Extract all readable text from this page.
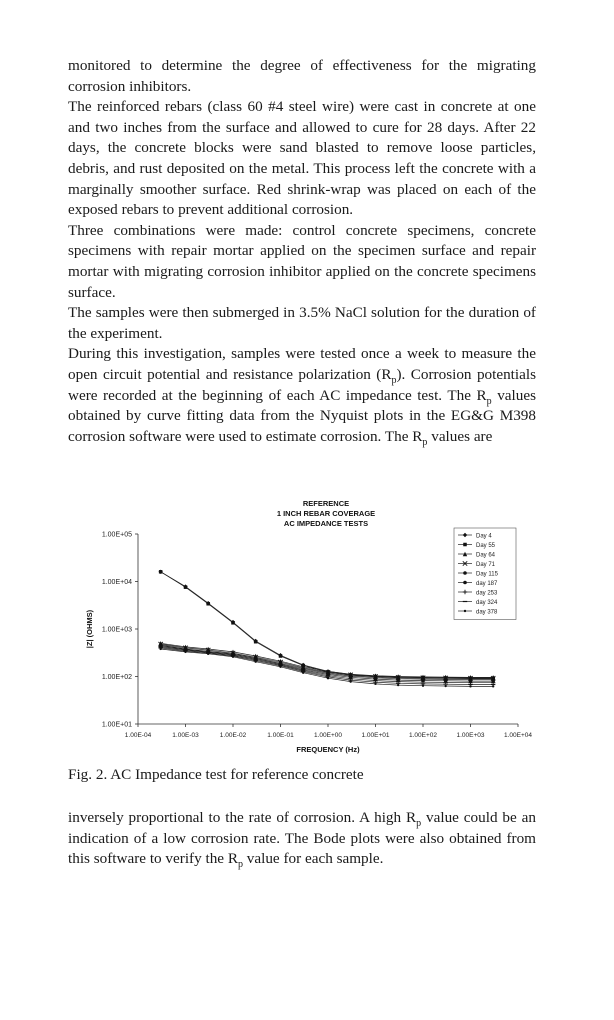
monitored to determine the degree of effectiveness for the migrating corrosion inhibitors.

The reinforced rebars (class 60 #4 steel wire) were cast in concrete at one and two inches from the surface and allowed to cure for 28 days. After 22 days, the concrete blocks were sand blasted to remove loose particles, debris, and rust deposited on the metal. This process left the concrete with a marginally smoother surface. Red shrink-wrap was placed on each of the exposed rebars to prevent additional corrosion.

Three combinations were made: control concrete specimens, concrete specimens with repair mortar applied on the specimen surface and repair mortar with migrating corrosion inhibitor applied on the concrete specimens surface.

The samples were then submerged in 3.5% NaCl solution for the duration of the experiment.

During this investigation, samples were tested once a week to measure the open circuit potential and resistance polarization $(R_p)$. Corrosion potentials were recorded at the beginning of each AC impedance test. The $R_p$ values obtained by curve fitting data from the Nyquist plots in the EG&G M398 corrosion software were used to estimate corrosion. The $R_p$ values are

REFERENCE
1 INCH REBAR COVERAGE
AC IMPEDANCE TESTS
1.00E+01
1.00E+02
1.00E+03
1.00E+04
1.00E+05
1.00E-04	1.00E-03	1.00E-02	1.00E-01	1.00E+00	1.00E+01	1.00E+02	1.00E+03	1.00E+04
FREQUENCY (Hz)
|Z| (OHMS)
Day 4
Day 55
Day 64
Day 71
Day 115
day 187
day 253
day 324
day 378

Fig. 2. AC Impedance test for reference concrete

inversely proportional to the rate of corrosion. A high $R_p$ value could be an indication of a low corrosion rate. The Bode plots were also obtained from this software to verify the $R_p$ value for each sample.
